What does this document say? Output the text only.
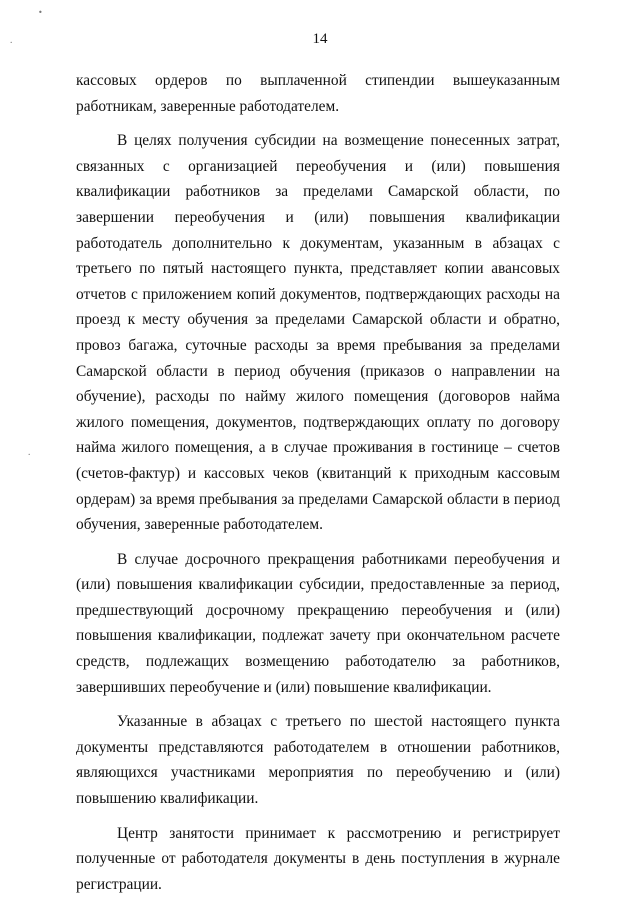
•
•
•
14

кассовых ордеров по выплаченной стипендии вышеуказанным работникам, заверенные работодателем.

В целях получения субсидии на возмещение понесенных затрат, связанных с организацией переобучения и (или) повышения квалификации работников за пределами Самарской области, по завершении переобучения и (или) повышения квалификации работодатель дополнительно к документам, указанным в абзацах с третьего по пятый настоящего пункта, представляет копии авансовых отчетов с приложением копий документов, подтверждающих расходы на проезд к месту обучения за пределами Самарской области и обратно, провоз багажа, суточные расходы за время пребывания за пределами Самарской области в период обучения (приказов о направлении на обучение), расходы по найму жилого помещения (договоров найма жилого помещения, документов, подтверждающих оплату по договору найма жилого помещения, а в случае проживания в гостинице – счетов (счетов-фактур) и кассовых чеков (квитанций к приходным кассовым ордерам) за время пребывания за пределами Самарской области в период обучения, заверенные работодателем.

В случае досрочного прекращения работниками переобучения и (или) повышения квалификации субсидии, предоставленные за период, предшествующий досрочному прекращению переобучения и (или) повышения квалификации, подлежат зачету при окончательном расчете средств, подлежащих возмещению работодателю за работников, завершивших переобучение и (или) повышение квалификации.

Указанные в абзацах с третьего по шестой настоящего пункта документы представляются работодателем в отношении работников, являющихся участниками мероприятия по переобучению и (или) повышению квалификации.

Центр занятости принимает к рассмотрению и регистрирует полученные от работодателя документы в день поступления в журнале регистрации.
